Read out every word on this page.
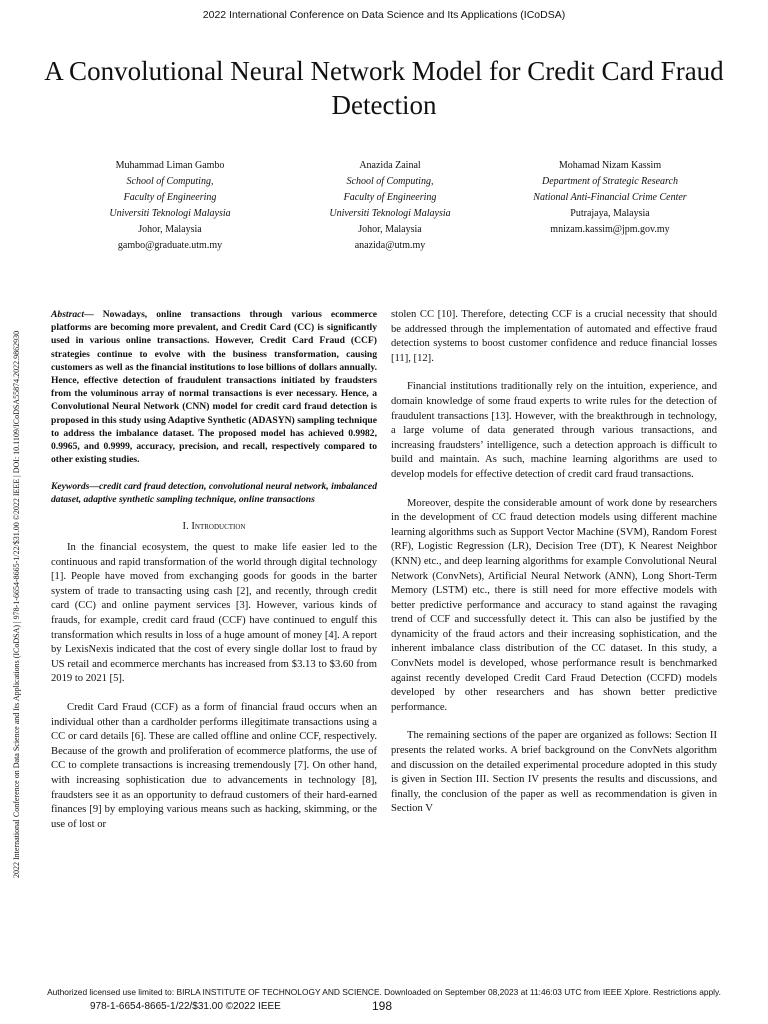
2022 International Conference on Data Science and Its Applications (ICoDSA)
A Convolutional Neural Network Model for Credit Card Fraud Detection
2022 International Conference on Data Science and Its Applications (ICoDSA) | 978-1-6654-8665-1/22/$31.00 ©2022 IEEE | DOI: 10.1109/ICoDSA55874.2022.9862930
Muhammad Liman Gambo
School of Computing,
Faculty of Engineering
Universiti Teknologi Malaysia
Johor, Malaysia
gambo@graduate.utm.my
Anazida Zainal
School of Computing,
Faculty of Engineering
Universiti Teknologi Malaysia
Johor, Malaysia
anazida@utm.my
Mohamad Nizam Kassim
Department of Strategic Research
National Anti-Financial Crime Center
Putrajaya, Malaysia
mnizam.kassim@jpm.gov.my

Abstract— Nowadays, online transactions through various ecommerce platforms are becoming more prevalent, and Credit Card (CC) is significantly used in various online transactions. However, Credit Card Fraud (CCF) strategies continue to evolve with the business transformation, causing customers as well as the financial institutions to lose billions of dollars annually. Hence, effective detection of fraudulent transactions initiated by fraudsters from the voluminous array of normal transactions is ever necessary. Hence, a Convolutional Neural Network (CNN) model for credit card fraud detection is proposed in this study using Adaptive Synthetic (ADASYN) sampling technique to address the imbalance dataset. The proposed model has achieved 0.9982, 0.9965, and 0.9999, accuracy, precision, and recall, respectively compared to other existing studies.

Keywords—credit card fraud detection, convolutional neural network, imbalanced dataset, adaptive synthetic sampling technique, online transactions

I. Introduction

In the financial ecosystem, the quest to make life easier led to the continuous and rapid transformation of the world through digital technology [1]. People have moved from exchanging goods for goods in the barter system of trade to transacting using cash [2], and recently, through credit card (CC) and online payment services [3]. However, various kinds of frauds, for example, credit card fraud (CCF) have continued to engulf this transformation which results in loss of a huge amount of money [4]. A report by LexisNexis indicated that the cost of every single dollar lost to fraud by US retail and ecommerce merchants has increased from $3.13 to $3.60 from 2019 to 2021 [5].

Credit Card Fraud (CCF) as a form of financial fraud occurs when an individual other than a cardholder performs illegitimate transactions using a CC or card details [6]. These are called offline and online CCF, respectively. Because of the growth and proliferation of ecommerce platforms, the use of CC to complete transactions is increasing tremendously [7]. On other hand, with increasing sophistication due to advancements in technology [8], fraudsters see it as an opportunity to defraud customers of their hard-earned finances [9] by employing various means such as hacking, skimming, or the use of lost or

stolen CC [10]. Therefore, detecting CCF is a crucial necessity that should be addressed through the implementation of automated and effective fraud detection systems to boost customer confidence and reduce financial losses [11], [12].

Financial institutions traditionally rely on the intuition, experience, and domain knowledge of some fraud experts to write rules for the detection of fraudulent transactions [13]. However, with the breakthrough in technology, a large volume of data generated through various transactions, and increasing fraudsters’ intelligence, such a detection approach is difficult to build and maintain. As such, machine learning algorithms are used to develop models for effective detection of credit card fraud transactions.

Moreover, despite the considerable amount of work done by researchers in the development of CC fraud detection models using different machine learning algorithms such as Support Vector Machine (SVM), Random Forest (RF), Logistic Regression (LR), Decision Tree (DT), K Nearest Neighbor (KNN) etc., and deep learning algorithms for example Convolutional Neural Network (ConvNets), Artificial Neural Network (ANN), Long Short-Term Memory (LSTM) etc., there is still need for more effective models with better predictive performance and accuracy to stand against the ravaging trend of CCF and successfully detect it. This can also be justified by the dynamicity of the fraud actors and their increasing sophistication, and the inherent imbalance class distribution of the CC dataset. In this study, a ConvNets model is developed, whose performance result is benchmarked against recently developed Credit Card Fraud Detection (CCFD) models developed by other researchers and has shown better predictive performance.

The remaining sections of the paper are organized as follows: Section II presents the related works. A brief background on the ConvNets algorithm and discussion on the detailed experimental procedure adopted in this study is given in Section III. Section IV presents the results and discussions, and finally, the conclusion of the paper as well as recommendation is given in Section V

Authorized licensed use limited to: BIRLA INSTITUTE OF TECHNOLOGY AND SCIENCE. Downloaded on September 08,2023 at 11:46:03 UTC from IEEE Xplore. Restrictions apply.
978-1-6654-8665-1/22/$31.00 ©2022 IEEE	198
